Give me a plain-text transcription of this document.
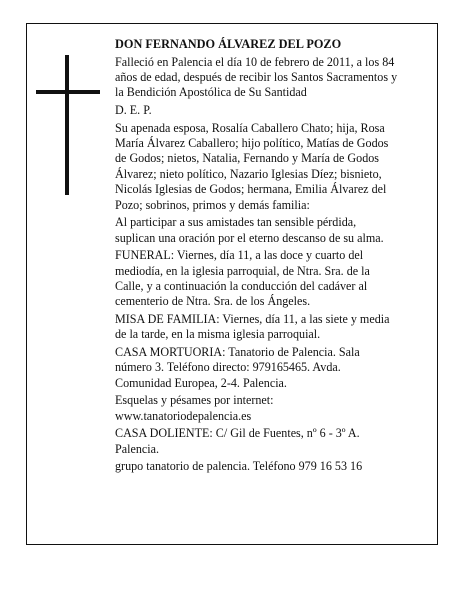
DON FERNANDO ÁLVAREZ DEL POZO
Falleció en Palencia el día 10 de febrero de 2011, a los 84 años de edad, después de recibir los Santos Sacramentos y la Bendición Apostólica de Su Santidad
D. E. P.
Su apenada esposa, Rosalía Caballero Chato; hija, Rosa María Álvarez Caballero; hijo político, Matías de Godos de Godos; nietos, Natalia, Fernando y María de Godos Álvarez; nieto político, Nazario Iglesias Díez; bisnieto, Nicolás Iglesias de Godos; hermana, Emilia Álvarez del Pozo; sobrinos, primos y demás familia:
Al participar a sus amistades tan sensible pérdida, suplican una oración por el eterno descanso de su alma.
FUNERAL: Viernes, día 11, a las doce y cuarto del mediodía, en la iglesia parroquial, de Ntra. Sra. de la Calle, y a continuación la conducción del cadáver al cementerio de Ntra. Sra. de los Ángeles.
MISA DE FAMILIA: Viernes, día 11, a las siete y media de la tarde, en la misma iglesia parroquial.
CASA MORTUORIA: Tanatorio de Palencia. Sala número 3. Teléfono directo: 979165465. Avda. Comunidad Europea, 2-4. Palencia.
Esquelas y pésames por internet: www.tanatoriodepalencia.es
CASA DOLIENTE: C/ Gil de Fuentes, nº 6 - 3º A. Palencia.
grupo tanatorio de palencia. Teléfono 979 16 53 16
